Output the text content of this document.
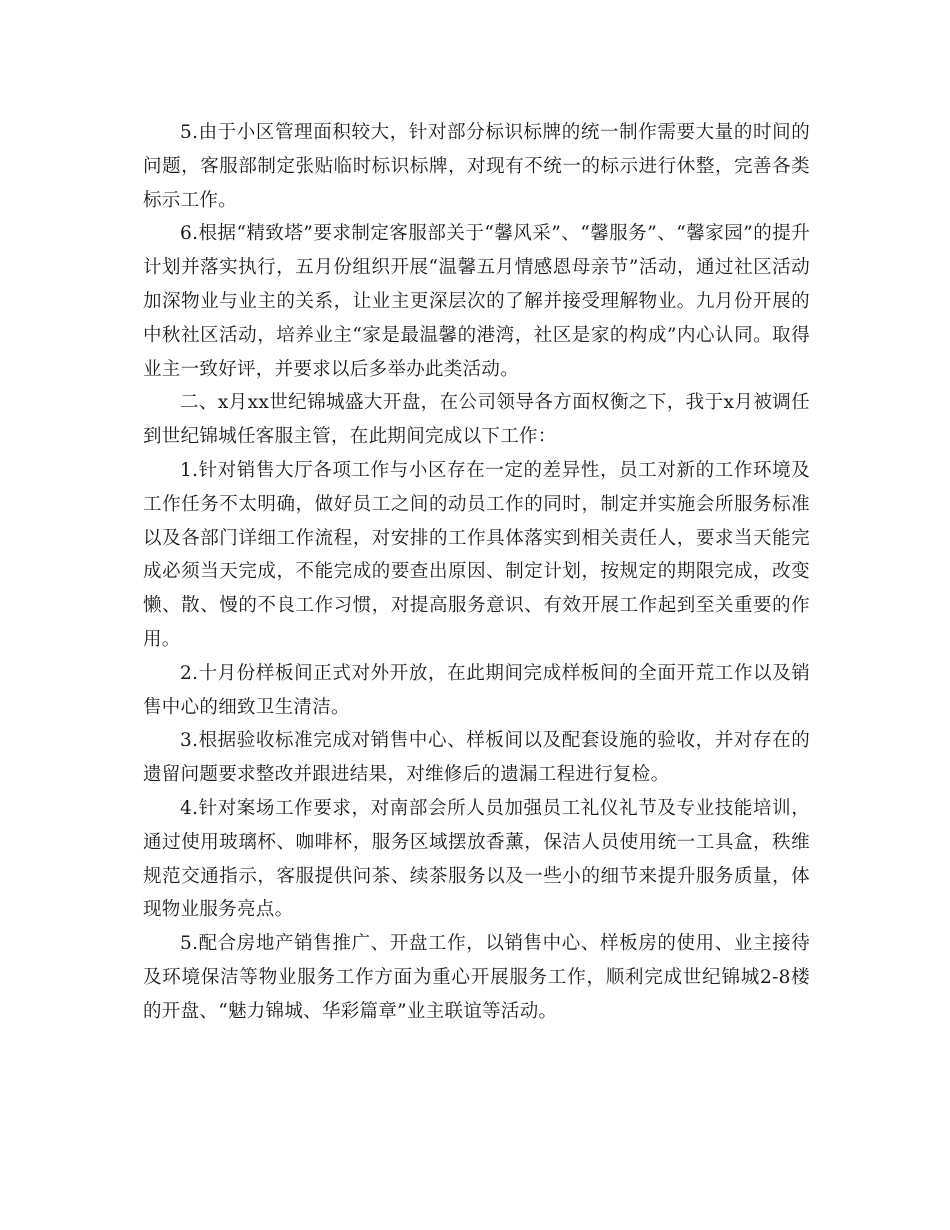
5.由于小区管理面积较大，针对部分标识标牌的统一制作需要大量的时间的问题，客服部制定张贴临时标识标牌，对现有不统一的标示进行休整，完善各类标示工作。

6.根据“精致塔”要求制定客服部关于“馨风采”、“馨服务”、“馨家园”的提升计划并落实执行，五月份组织开展“温馨五月情感恩母亲节”活动，通过社区活动加深物业与业主的关系，让业主更深层次的了解并接受理解物业。九月份开展的中秋社区活动，培养业主“家是最温馨的港湾，社区是家的构成”内心认同。取得业主一致好评，并要求以后多举办此类活动。

二、x月xx世纪锦城盛大开盘，在公司领导各方面权衡之下，我于x月被调任到世纪锦城任客服主管，在此期间完成以下工作：

1.针对销售大厅各项工作与小区存在一定的差异性，员工对新的工作环境及工作任务不太明确，做好员工之间的动员工作的同时，制定并实施会所服务标准以及各部门详细工作流程，对安排的工作具体落实到相关责任人，要求当天能完成必须当天完成，不能完成的要查出原因、制定计划，按规定的期限完成，改变懒、散、慢的不良工作习惯，对提高服务意识、有效开展工作起到至关重要的作用。

2.十月份样板间正式对外开放，在此期间完成样板间的全面开荒工作以及销售中心的细致卫生清洁。

3.根据验收标准完成对销售中心、样板间以及配套设施的验收，并对存在的遗留问题要求整改并跟进结果，对维修后的遗漏工程进行复检。

4.针对案场工作要求，对南部会所人员加强员工礼仪礼节及专业技能培训，通过使用玻璃杯、咖啡杯，服务区域摆放香薰，保洁人员使用统一工具盒，秩维规范交通指示，客服提供问茶、续茶服务以及一些小的细节来提升服务质量，体现物业服务亮点。

5.配合房地产销售推广、开盘工作，以销售中心、样板房的使用、业主接待及环境保洁等物业服务工作方面为重心开展服务工作，顺利完成世纪锦城2-8楼的开盘、“魅力锦城、华彩篇章”业主联谊等活动。
